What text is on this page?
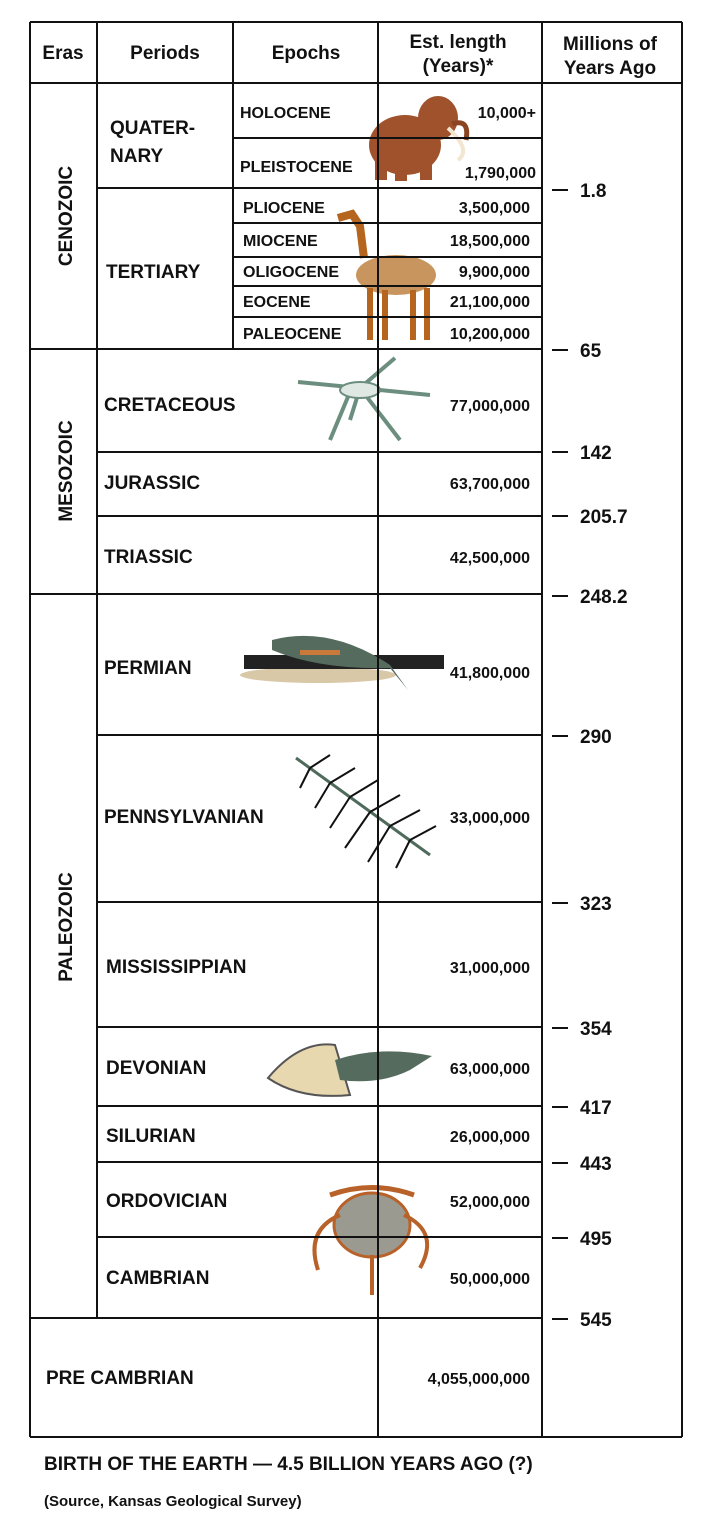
Eras Periods	Epochs
Est. length
(Years)*
Millions of
Years Ago
CENOZOIC
MESOZOIC
PALEOZOIC
PRE CAMBRIAN
QUATER-
NARY
TERTIARY
CRETACEOUS
JURASSIC
TRIASSIC
PERMIAN
PENNSYLVANIAN
MISSISSIPPIAN
DEVONIAN
SILURIAN
ORDOVICIAN
CAMBRIAN
HOLOCENE
PLEISTOCENE
PLIOCENE
MIOCENE
OLIGOCENE
EOCENE
PALEOCENE
10,000+
1,790,000
3,500,000
18,500,000
9,900,000
21,100,000
10,200,000
77,000,000
63,700,000
42,500,000
41,800,000
33,000,000
31,000,000
63,000,000
26,000,000
52,000,000
50,000,000
4,055,000,000
1.8
65
142
205.7
248.2
290
323
354
417
443
495
545
BIRTH OF THE EARTH — 4.5 BILLION YEARS AGO (?)
(Source, Kansas Geological Survey)
